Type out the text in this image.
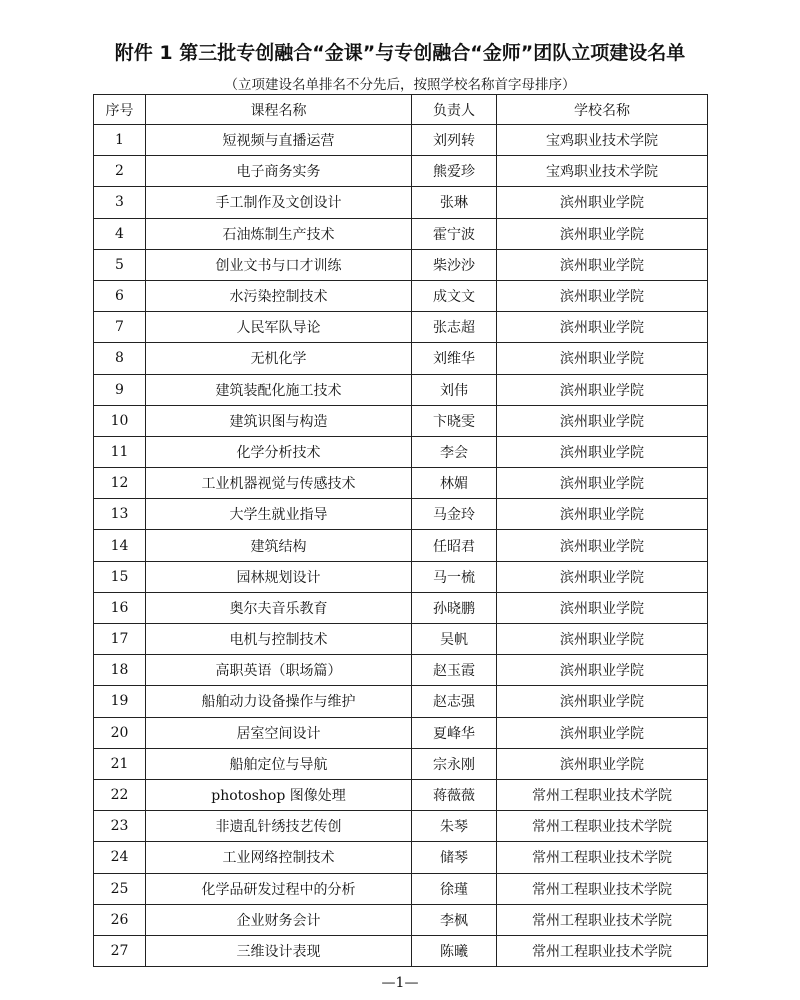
附件 1 第三批专创融合“金课”与专创融合“金师”团队立项建设名单
（立项建设名单排名不分先后，按照学校名称首字母排序）
序号	课程名称	负责人	学校名称
1	短视频与直播运营	刘列转	宝鸡职业技术学院
2	电子商务实务	熊爱珍	宝鸡职业技术学院
3	手工制作及文创设计	张琳	滨州职业学院
4	石油炼制生产技术	霍宁波	滨州职业学院
5	创业文书与口才训练	柴沙沙	滨州职业学院
6	水污染控制技术	成文文	滨州职业学院
7	人民军队导论	张志超	滨州职业学院
8	无机化学	刘维华	滨州职业学院
9	建筑装配化施工技术	刘伟	滨州职业学院
10	建筑识图与构造	卞晓雯	滨州职业学院
11	化学分析技术	李会	滨州职业学院
12	工业机器视觉与传感技术	林媚	滨州职业学院
13	大学生就业指导	马金玲	滨州职业学院
14	建筑结构	任昭君	滨州职业学院
15	园林规划设计	马一梳	滨州职业学院
16	奥尔夫音乐教育	孙晓鹏	滨州职业学院
17	电机与控制技术	吴帆	滨州职业学院
18	高职英语（职场篇）	赵玉霞	滨州职业学院
19	船舶动力设备操作与维护	赵志强	滨州职业学院
20	居室空间设计	夏峰华	滨州职业学院
21	船舶定位与导航	宗永刚	滨州职业学院
22	photoshop 图像处理	蒋薇薇	常州工程职业技术学院
23	非遗乱针绣技艺传创	朱琴	常州工程职业技术学院
24	工业网络控制技术	储琴	常州工程职业技术学院
25	化学品研发过程中的分析	徐瑾	常州工程职业技术学院
26	企业财务会计	李枫	常州工程职业技术学院
27	三维设计表现	陈曦	常州工程职业技术学院
—1—
